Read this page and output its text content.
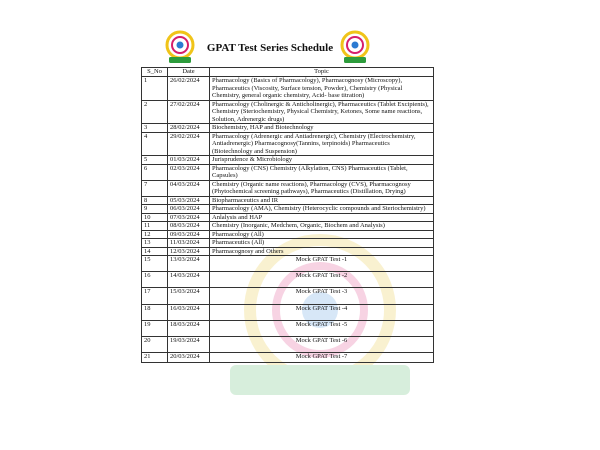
GPAT Test Series Schedule
S_No	Date	Topic
1	26/02/2024	Pharmacology (Basics of Pharmacology), Pharmacognosy (Microscopy), Pharmaceutics (Viscosity, Surface tension, Powder), Chemistry (Physical Chemistry, general organic chemistry, Acid- base titration)
2	27/02/2024	Pharmacology (Cholinergic & Anticholinergic), Pharmaceutics (Tablet Excipients), Chemistry (Steriochemistry, Physical Chemistry, Ketones, Some name reactions, Solution, Adrenergic drugs)
3	28/02/2024	Biochemistry, HAP and Biotechnology
4	29/02/2024	Pharmacology (Adrenergic and Antiadrenergic), Chemistry (Electrochemistry, Antiadrenergic) Pharmacognosy(Tannins, terpinoids) Pharmaceutics (Biotechnology and Suspension)
5	01/03/2024	Jurisprudence & Microbiology
6	02/03/2024	Pharmacology (CNS) Chemistry (Alkylation, CNS) Pharmaceutics (Tablet, Capsules)
7	04/03/2024	Chemistry (Organic name reactions), Pharmacology (CVS), Pharmacognosy (Phytochemical screening pathways), Pharmaceutics (Distillation, Drying)
8	05/03/2024	Biopharmaceutics and IR
9	06/03/2024	Pharmacology (AMA), Chemistry (Heterocyclic compounds and Steriochemistry)
10	07/03/2024	Anlalysis and HAP
11	08/03/2024	Chemistry (Inorganic, Medchem, Organic, Biochem and Analysis)
12	09/03/2024	Pharmacology (All)
13	11/03/2024	Pharmaceutics (All)
14	12/03/2024	Pharmacognosy and Others
15	13/03/2024	Mock GPAT Test -1
16	14/03/2024	Mock GPAT Test -2
17	15/03/2024	Mock GPAT Test -3
18	16/03/2024	Mock GPAT Test -4
19	18/03/2024	Mock GPAT Test -5
20	19/03/2024	Mock GPAT Test -6
21	20/03/2024	Mock GPAT Test -7
